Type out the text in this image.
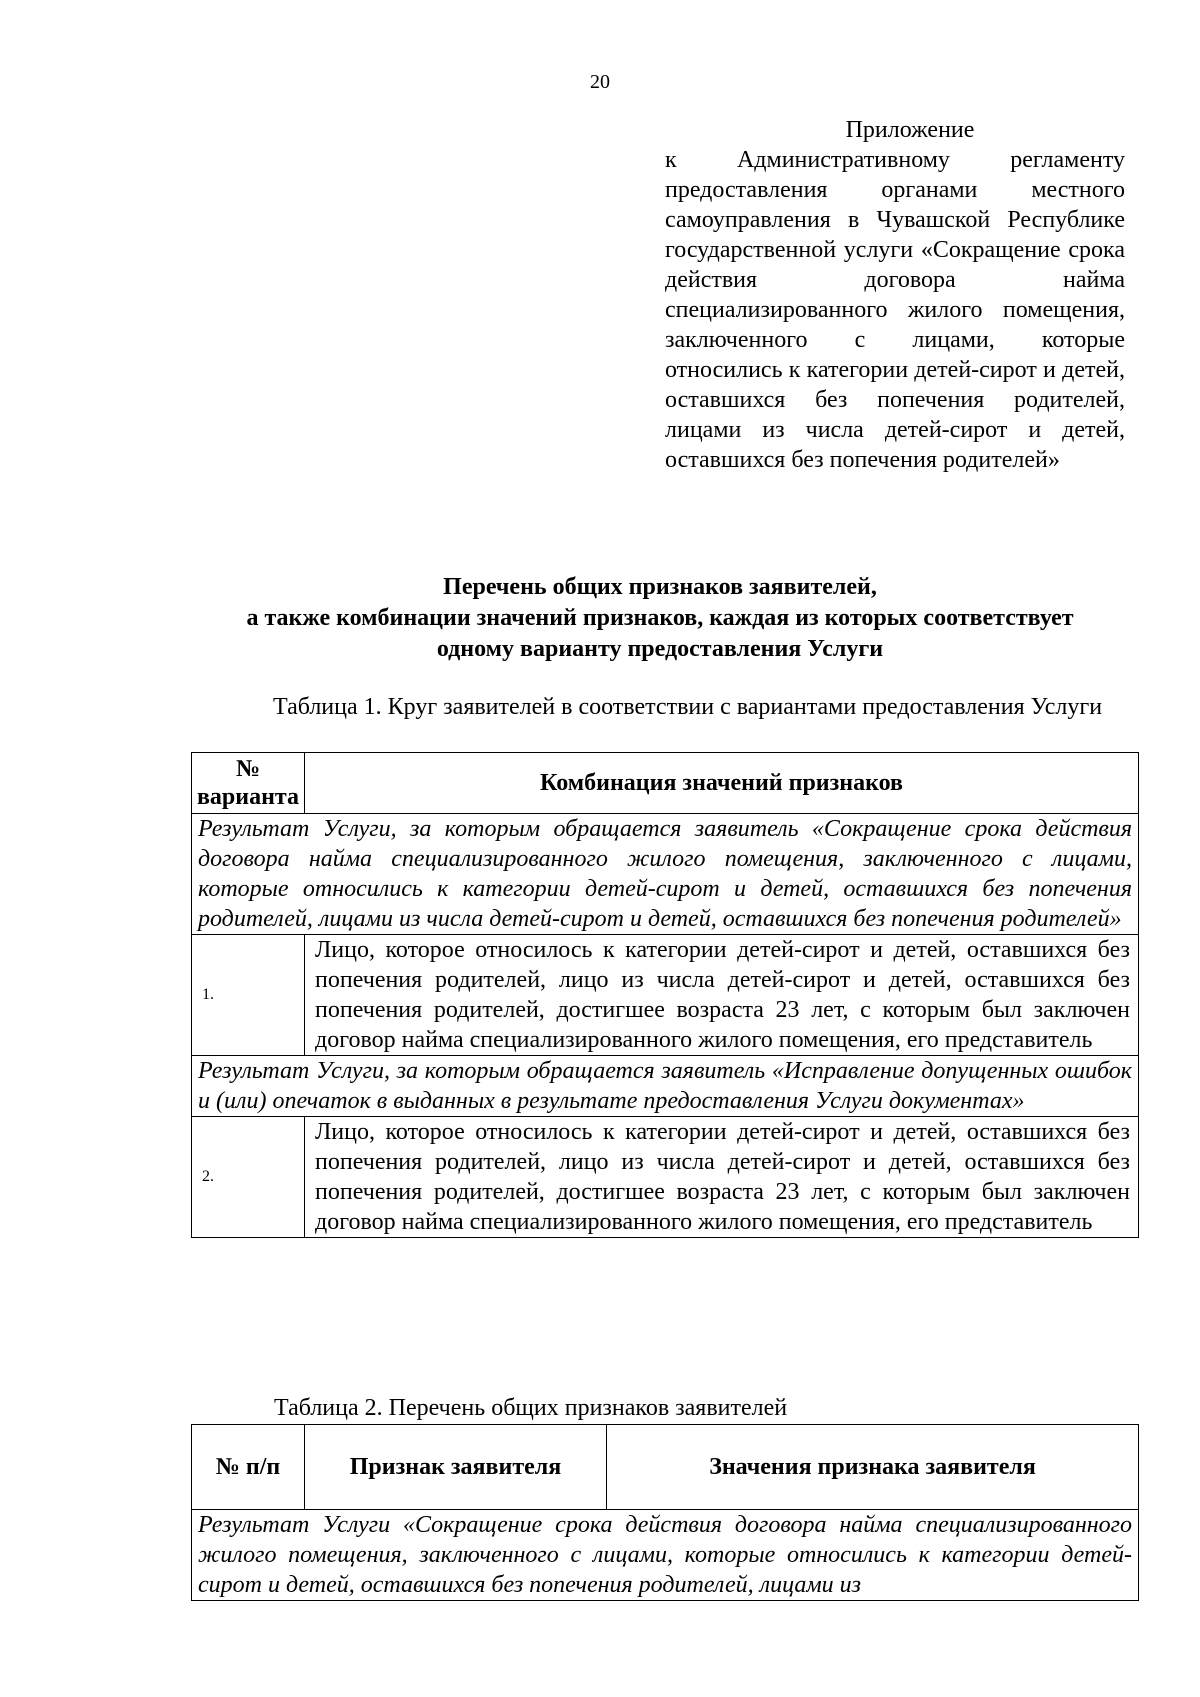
20
Приложение
к Административному регламенту предоставления органами местного самоуправления в Чувашской Республике государственной услуги «Сокращение срока действия договора найма специализированного жилого помещения, заключенного с лицами, которые относились к категории детей-сирот и детей, оставшихся без попечения родителей, лицами из числа детей-сирот и детей, оставшихся без попечения родителей»
Перечень общих признаков заявителей,
а также комбинации значений признаков, каждая из которых соответствует
одному варианту предоставления Услуги
Таблица 1. Круг заявителей в соответствии с вариантами предоставления Услуги
№ варианта	Комбинация значений признаков
Результат Услуги, за которым обращается заявитель «Сокращение срока действия договора найма специализированного жилого помещения, заключенного с лицами, которые относились к категории детей-сирот и детей, оставшихся без попечения родителей, лицами из числа детей-сирот и детей, оставшихся без попечения родителей»	
1.	Лицо, которое относилось к категории детей-сирот и детей, оставшихся без попечения родителей, лицо из числа детей-сирот и детей, оставшихся без попечения родителей, достигшее возраста 23 лет, с которым был заключен договор найма специализированного жилого помещения, его представитель
Результат Услуги, за которым обращается заявитель «Исправление допущенных ошибок и (или) опечаток в выданных в результате предоставления Услуги документах»	
2.	Лицо, которое относилось к категории детей-сирот и детей, оставшихся без попечения родителей, лицо из числа детей-сирот и детей, оставшихся без попечения родителей, достигшее возраста 23 лет, с которым был заключен договор найма специализированного жилого помещения, его представитель
Таблица 2. Перечень общих признаков заявителей
№ п/п	Признак заявителя	Значения признака заявителя
Результат Услуги «Сокращение срока действия договора найма специализированного жилого помещения, заключенного с лицами, которые относились к категории детей-сирот и детей, оставшихся без попечения родителей, лицами из
